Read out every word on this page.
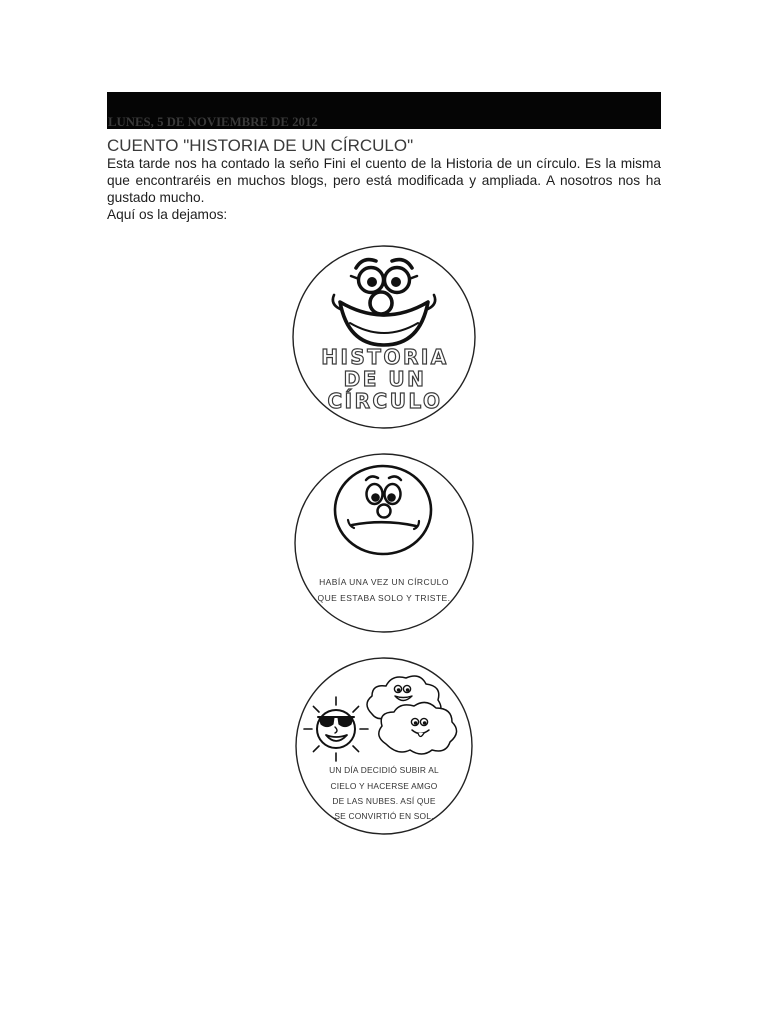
LUNES, 5 DE NOVIEMBRE DE 2012
CUENTO "HISTORIA DE UN CÍRCULO"

Esta tarde nos ha contado la seño Fini el cuento de la Historia de un círculo. Es la misma que encontraréis en muchos blogs, pero está modificada y ampliada. A nosotros nos ha gustado mucho.

Aquí os la dejamos:

HISTORIA
DE UN
CÍRCULO
HABÍA UNA VEZ UN CÍRCULO
QUE ESTABA SOLO Y TRISTE.
UN DÍA DECIDIÓ SUBIR AL
CIELO Y HACERSE AMGO
DE LAS NUBES. ASÍ QUE
SE CONVIRTIÓ EN SOL.
